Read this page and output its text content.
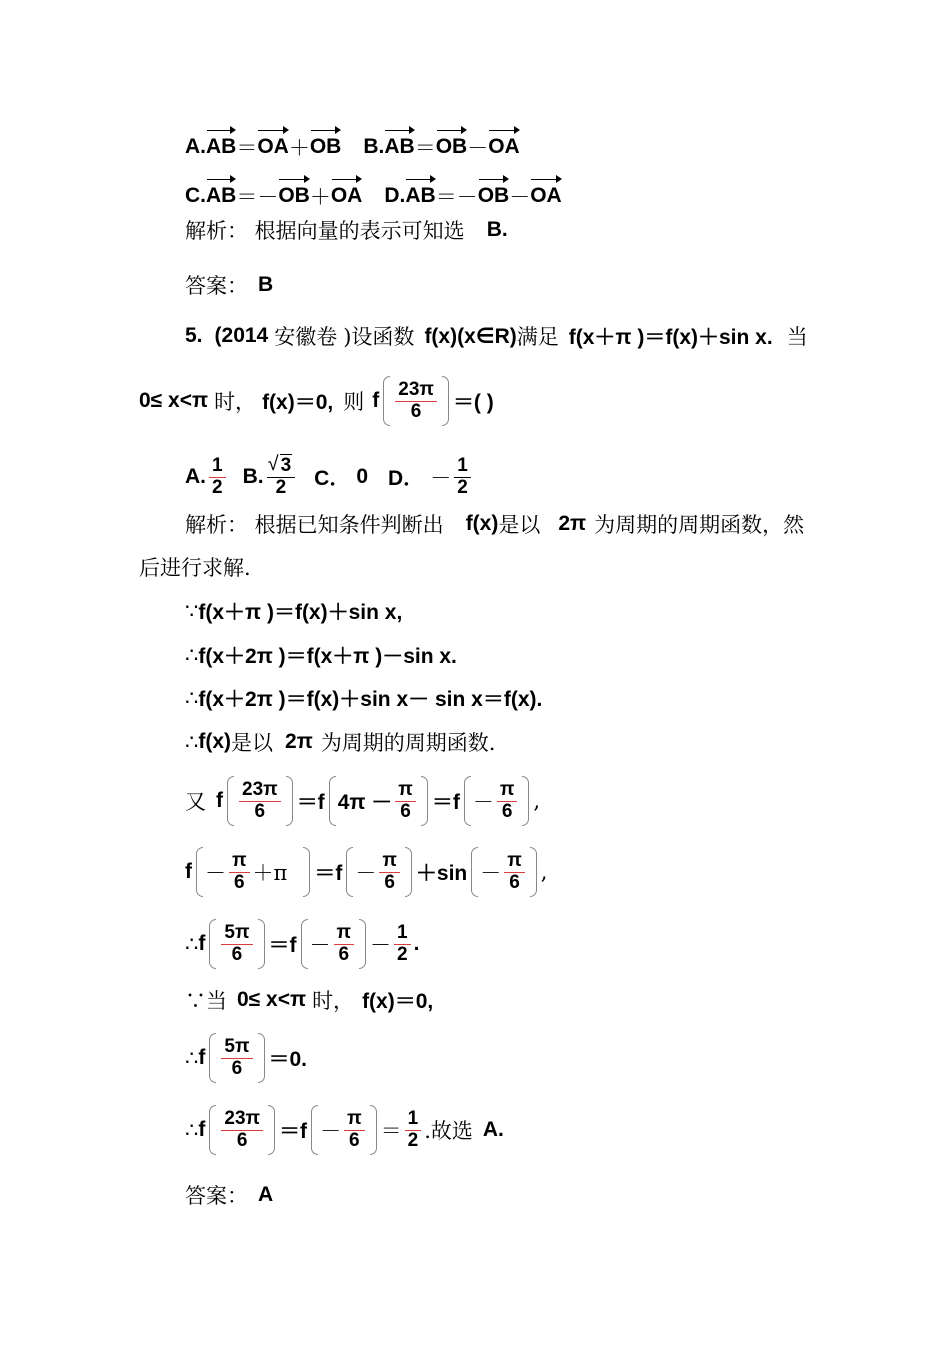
A. AB ＝ OA ＋ OB B. AB ＝ OB － OA
C. AB ＝－ OB ＋ OA D. AB ＝－ OB － OA
解析： 根据向量的表示可知选 B.
答案： B
5. (2014 安徽卷 )设函数 f(x)(x∈R) 满足 f(x＋π )＝f(x)＋sin x. 当
0≤ x<π 时， f(x)＝0, 则 f $\frac{23\pi}{6}$ ＝( )
A. $\frac{1}{2} B$.
√ $\frac{3}{2}$ C． 0 D． － $\frac{1}{2}$
解析： 根据已知条件判断出 f(x) 是以 2π 为周期的周期函数，然
后进行求解.
∵ f(x＋π )＝f(x)＋sin x,
∴ f(x＋2π )＝f(x＋π )－sin x.
∴ f(x＋2π )＝f(x)＋sin x－ sin x＝f(x).
∴ f(x) 是以 2π 为周期的周期函数.
又 f $\frac{23\pi}{6} =f$ $4\pi - \frac{\pi}{6} =f - \frac{\pi}{6}$ ,
$f - \frac{\pi}{6} +\pi =f - \frac{\pi}{6} +\sin - \frac{\pi}{6}$ ,
∴ f $\frac{5\pi}{6} =f - \frac{\pi}{6} - \frac{1}{2}$ .
∵当 0≤ x<π 时， f(x)＝0,
∴ f $\frac{5\pi}{6} =0$.
∴ f $\frac{23\pi}{6} =f - \frac{\pi}{6} = \frac{1}{2}$ .故选 A.
答案： A
